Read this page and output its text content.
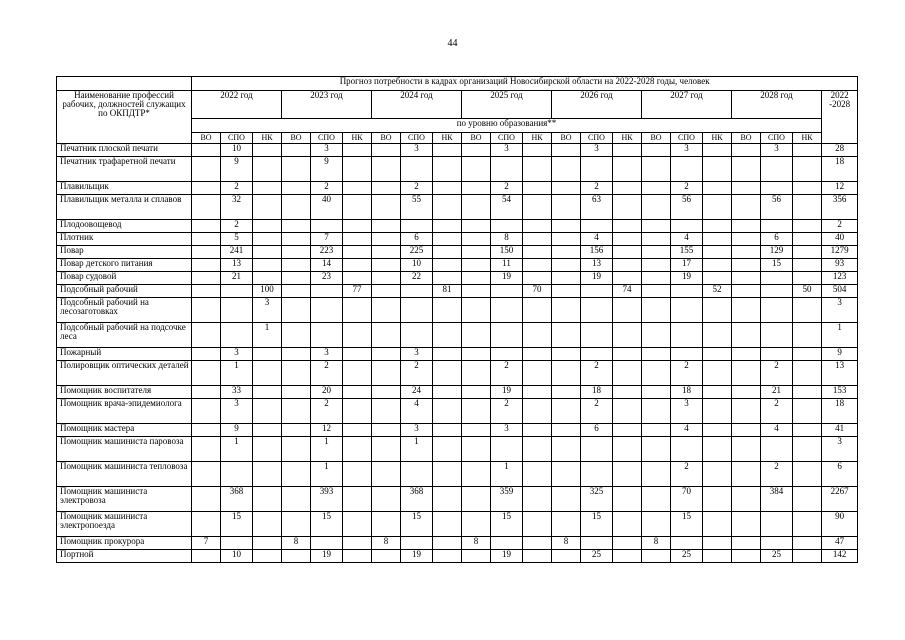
44
	Прогноз потребности в кадрах организаций Новосибирской области на 2022-2028 годы, человек																					
Наименование профессий рабочих, должностей служащих по ОКПДТР*	2022 год			2023 год			2024 год			2025 год			2026 год			2027 год			2028 год			2022 -2028
	по уровню образования**																					
	ВО	СПО	НК	ВО	СПО	НК	ВО	СПО	НК	ВО	СПО	НК	ВО	СПО	НК	ВО	СПО	НК	ВО	СПО	НК	
Печатник плоской печати		10			3			3			3			3			3			3		28
Печатник трафаретной печати		9			9																	18
Плавильщик		2			2			2			2			2			2					12
Плавильщик металла и сплавов		32			40			55			54			63			56			56		356
Плодоовощевод		2																				2
Плотник		5			7			6			8			4			4			6		40
Повар		241			223			225			150			156			155			129		1279
Повар детского питания		13			14			10			11			13			17			15		93
Повар судовой		21			23			22			19			19			19					123
Подсобный рабочий			100			77			81			70			74			52			50	504
Подсобный рабочий на лесозаготовках			3																			3
Подсобный рабочий на подсочке леса			1																			1
Пожарный		3			3			3														9
Полировщик оптических деталей		1			2			2			2			2			2			2		13
Помощник воспитателя		33			20			24			19			18			18			21		153
Помощник врача-эпидемиолога		3			2			4			2			2			3			2		18
Помощник мастера		9			12			3			3			6			4			4		41
Помощник машиниста паровоза		1			1			1														3
Помощник машиниста тепловоза					1						1						2			2		6
Помощник машиниста электровоза		368			393			368			359			325			70			384		2267
Помощник машиниста электропоезда		15			15			15			15			15			15					90
Помощник прокурора	7			8			8			8			8			8						47
Портной		10			19			19			19			25			25			25		142
